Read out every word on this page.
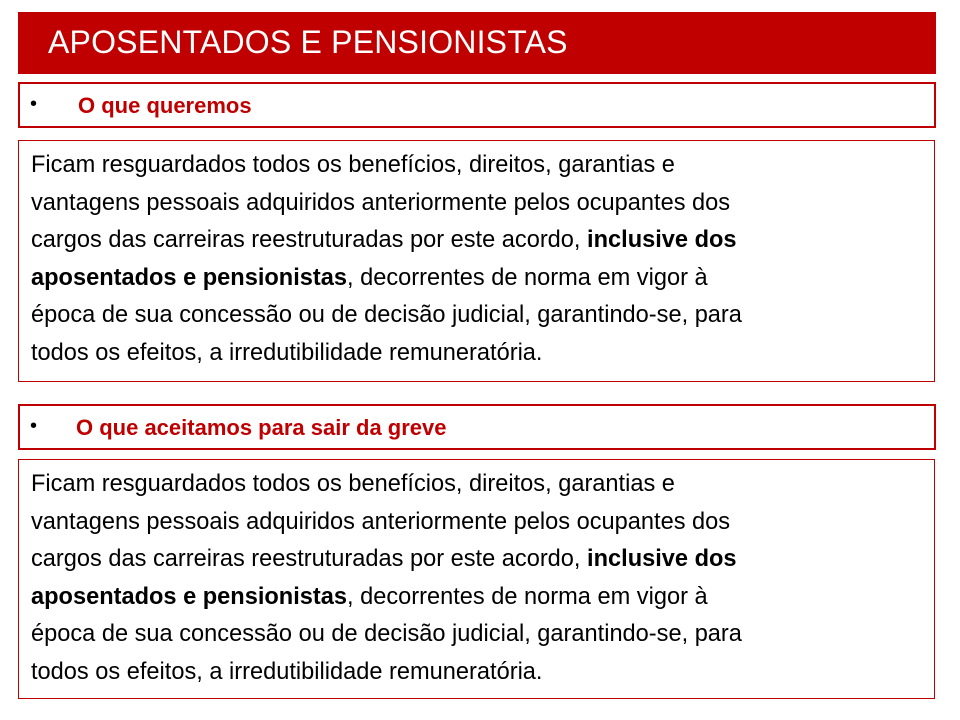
APOSENTADOS E PENSIONISTAS
• O que queremos

Ficam resguardados todos os benefícios, direitos, garantias e
vantagens pessoais adquiridos anteriormente pelos ocupantes dos
cargos das carreiras reestruturadas por este acordo, inclusive dos
aposentados e pensionistas, decorrentes de norma em vigor à
época de sua concessão ou de decisão judicial, garantindo-se, para
todos os efeitos, a irredutibilidade remuneratória.

• O que aceitamos para sair da greve

Ficam resguardados todos os benefícios, direitos, garantias e
vantagens pessoais adquiridos anteriormente pelos ocupantes dos
cargos das carreiras reestruturadas por este acordo, inclusive dos
aposentados e pensionistas, decorrentes de norma em vigor à
época de sua concessão ou de decisão judicial, garantindo-se, para
todos os efeitos, a irredutibilidade remuneratória.
